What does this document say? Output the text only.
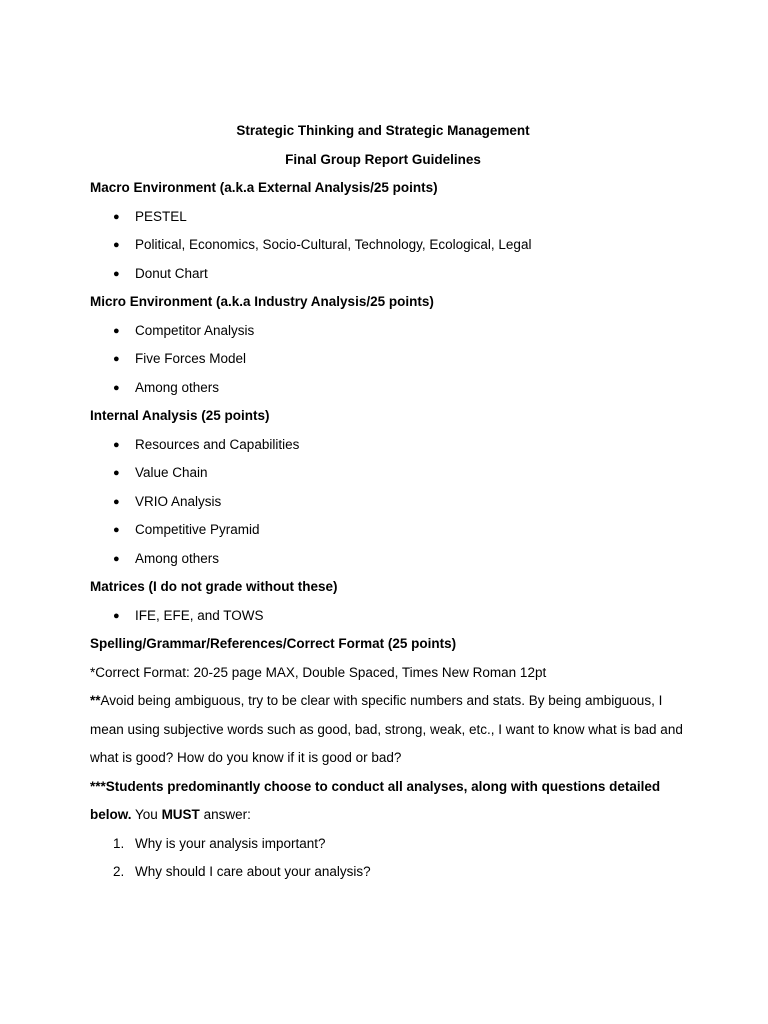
Strategic Thinking and Strategic Management
Final Group Report Guidelines
Macro Environment (a.k.a External Analysis/25 points)
● PESTEL
● Political, Economics, Socio-Cultural, Technology, Ecological, Legal
● Donut Chart
Micro Environment (a.k.a Industry Analysis/25 points)
● Competitor Analysis
● Five Forces Model
● Among others
Internal Analysis (25 points)
● Resources and Capabilities
● Value Chain
● VRIO Analysis
● Competitive Pyramid
● Among others
Matrices (I do not grade without these)
● IFE, EFE, and TOWS
Spelling/Grammar/References/Correct Format (25 points)

*Correct Format: 20-25 page MAX, Double Spaced, Times New Roman 12pt

**Avoid being ambiguous, try to be clear with specific numbers and stats. By being ambiguous, I mean using subjective words such as good, bad, strong, weak, etc., I want to know what is bad and what is good? How do you know if it is good or bad?

***Students predominantly choose to conduct all analyses, along with questions detailed below. You MUST answer:

1. Why is your analysis important?
2. Why should I care about your analysis?
